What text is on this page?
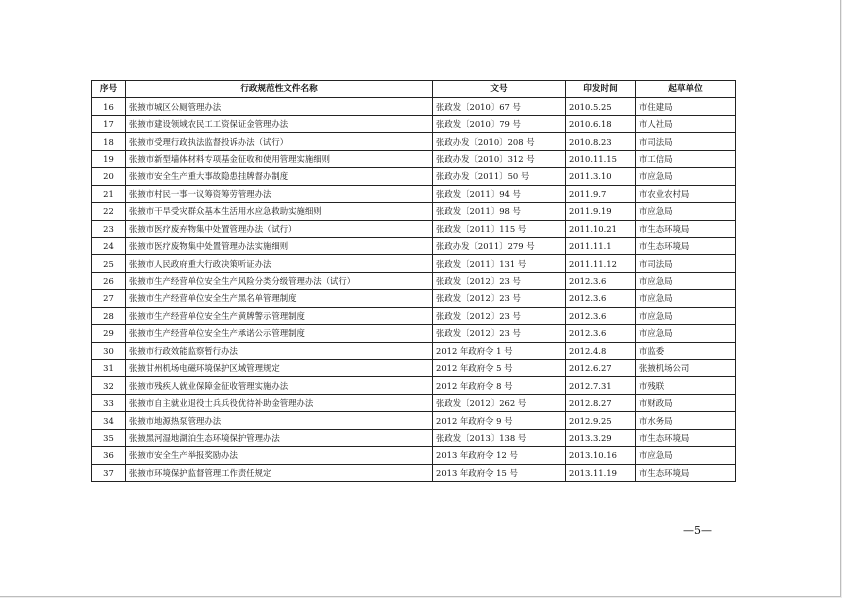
序号	行政规范性文件名称	文号	印发时间	起草单位
16	张掖市城区公厕管理办法	张政发〔2010〕67 号	2010.5.25	市住建局
17	张掖市建设领域农民工工资保证金管理办法	张政发〔2010〕79 号	2010.6.18	市人社局
18	张掖市受理行政执法监督投诉办法（试行）	张政办发〔2010〕208 号	2010.8.23	市司法局
19	张掖市新型墙体材料专项基金征收和使用管理实施细则	张政办发〔2010〕312 号	2010.11.15	市工信局
20	张掖市安全生产重大事故隐患挂牌督办制度	张政办发〔2011〕50 号	2011.3.10	市应急局
21	张掖市村民一事一议筹资筹劳管理办法	张政发〔2011〕94 号	2011.9.7	市农业农村局
22	张掖市干旱受灾群众基本生活用水应急救助实施细则	张政发〔2011〕98 号	2011.9.19	市应急局
23	张掖市医疗废弃物集中处置管理办法（试行）	张政发〔2011〕115 号	2011.10.21	市生态环境局
24	张掖市医疗废物集中处置管理办法实施细则	张政办发〔2011〕279 号	2011.11.1	市生态环境局
25	张掖市人民政府重大行政决策听证办法	张政发〔2011〕131 号	2011.11.12	市司法局
26	张掖市生产经营单位安全生产风险分类分级管理办法（试行）	张政发〔2012〕23 号	2012.3.6	市应急局
27	张掖市生产经营单位安全生产黑名单管理制度	张政发〔2012〕23 号	2012.3.6	市应急局
28	张掖市生产经营单位安全生产黄牌警示管理制度	张政发〔2012〕23 号	2012.3.6	市应急局
29	张掖市生产经营单位安全生产承诺公示管理制度	张政发〔2012〕23 号	2012.3.6	市应急局
30	张掖市行政效能监察暂行办法	2012 年政府令 1 号	2012.4.8	市监委
31	张掖甘州机场电磁环境保护区域管理规定	2012 年政府令 5 号	2012.6.27	张掖机场公司
32	张掖市残疾人就业保障金征收管理实施办法	2012 年政府令 8 号	2012.7.31	市残联
33	张掖市自主就业退役士兵兵役优待补助金管理办法	张政发〔2012〕262 号	2012.8.27	市财政局
34	张掖市地源热泵管理办法	2012 年政府令 9 号	2012.9.25	市水务局
35	张掖黑河湿地湖泊生态环境保护管理办法	张政发〔2013〕138 号	2013.3.29	市生态环境局
36	张掖市安全生产举报奖励办法	2013 年政府令 12 号	2013.10.16	市应急局
37	张掖市环境保护监督管理工作责任规定	2013 年政府令 15 号	2013.11.19	市生态环境局
—5—
